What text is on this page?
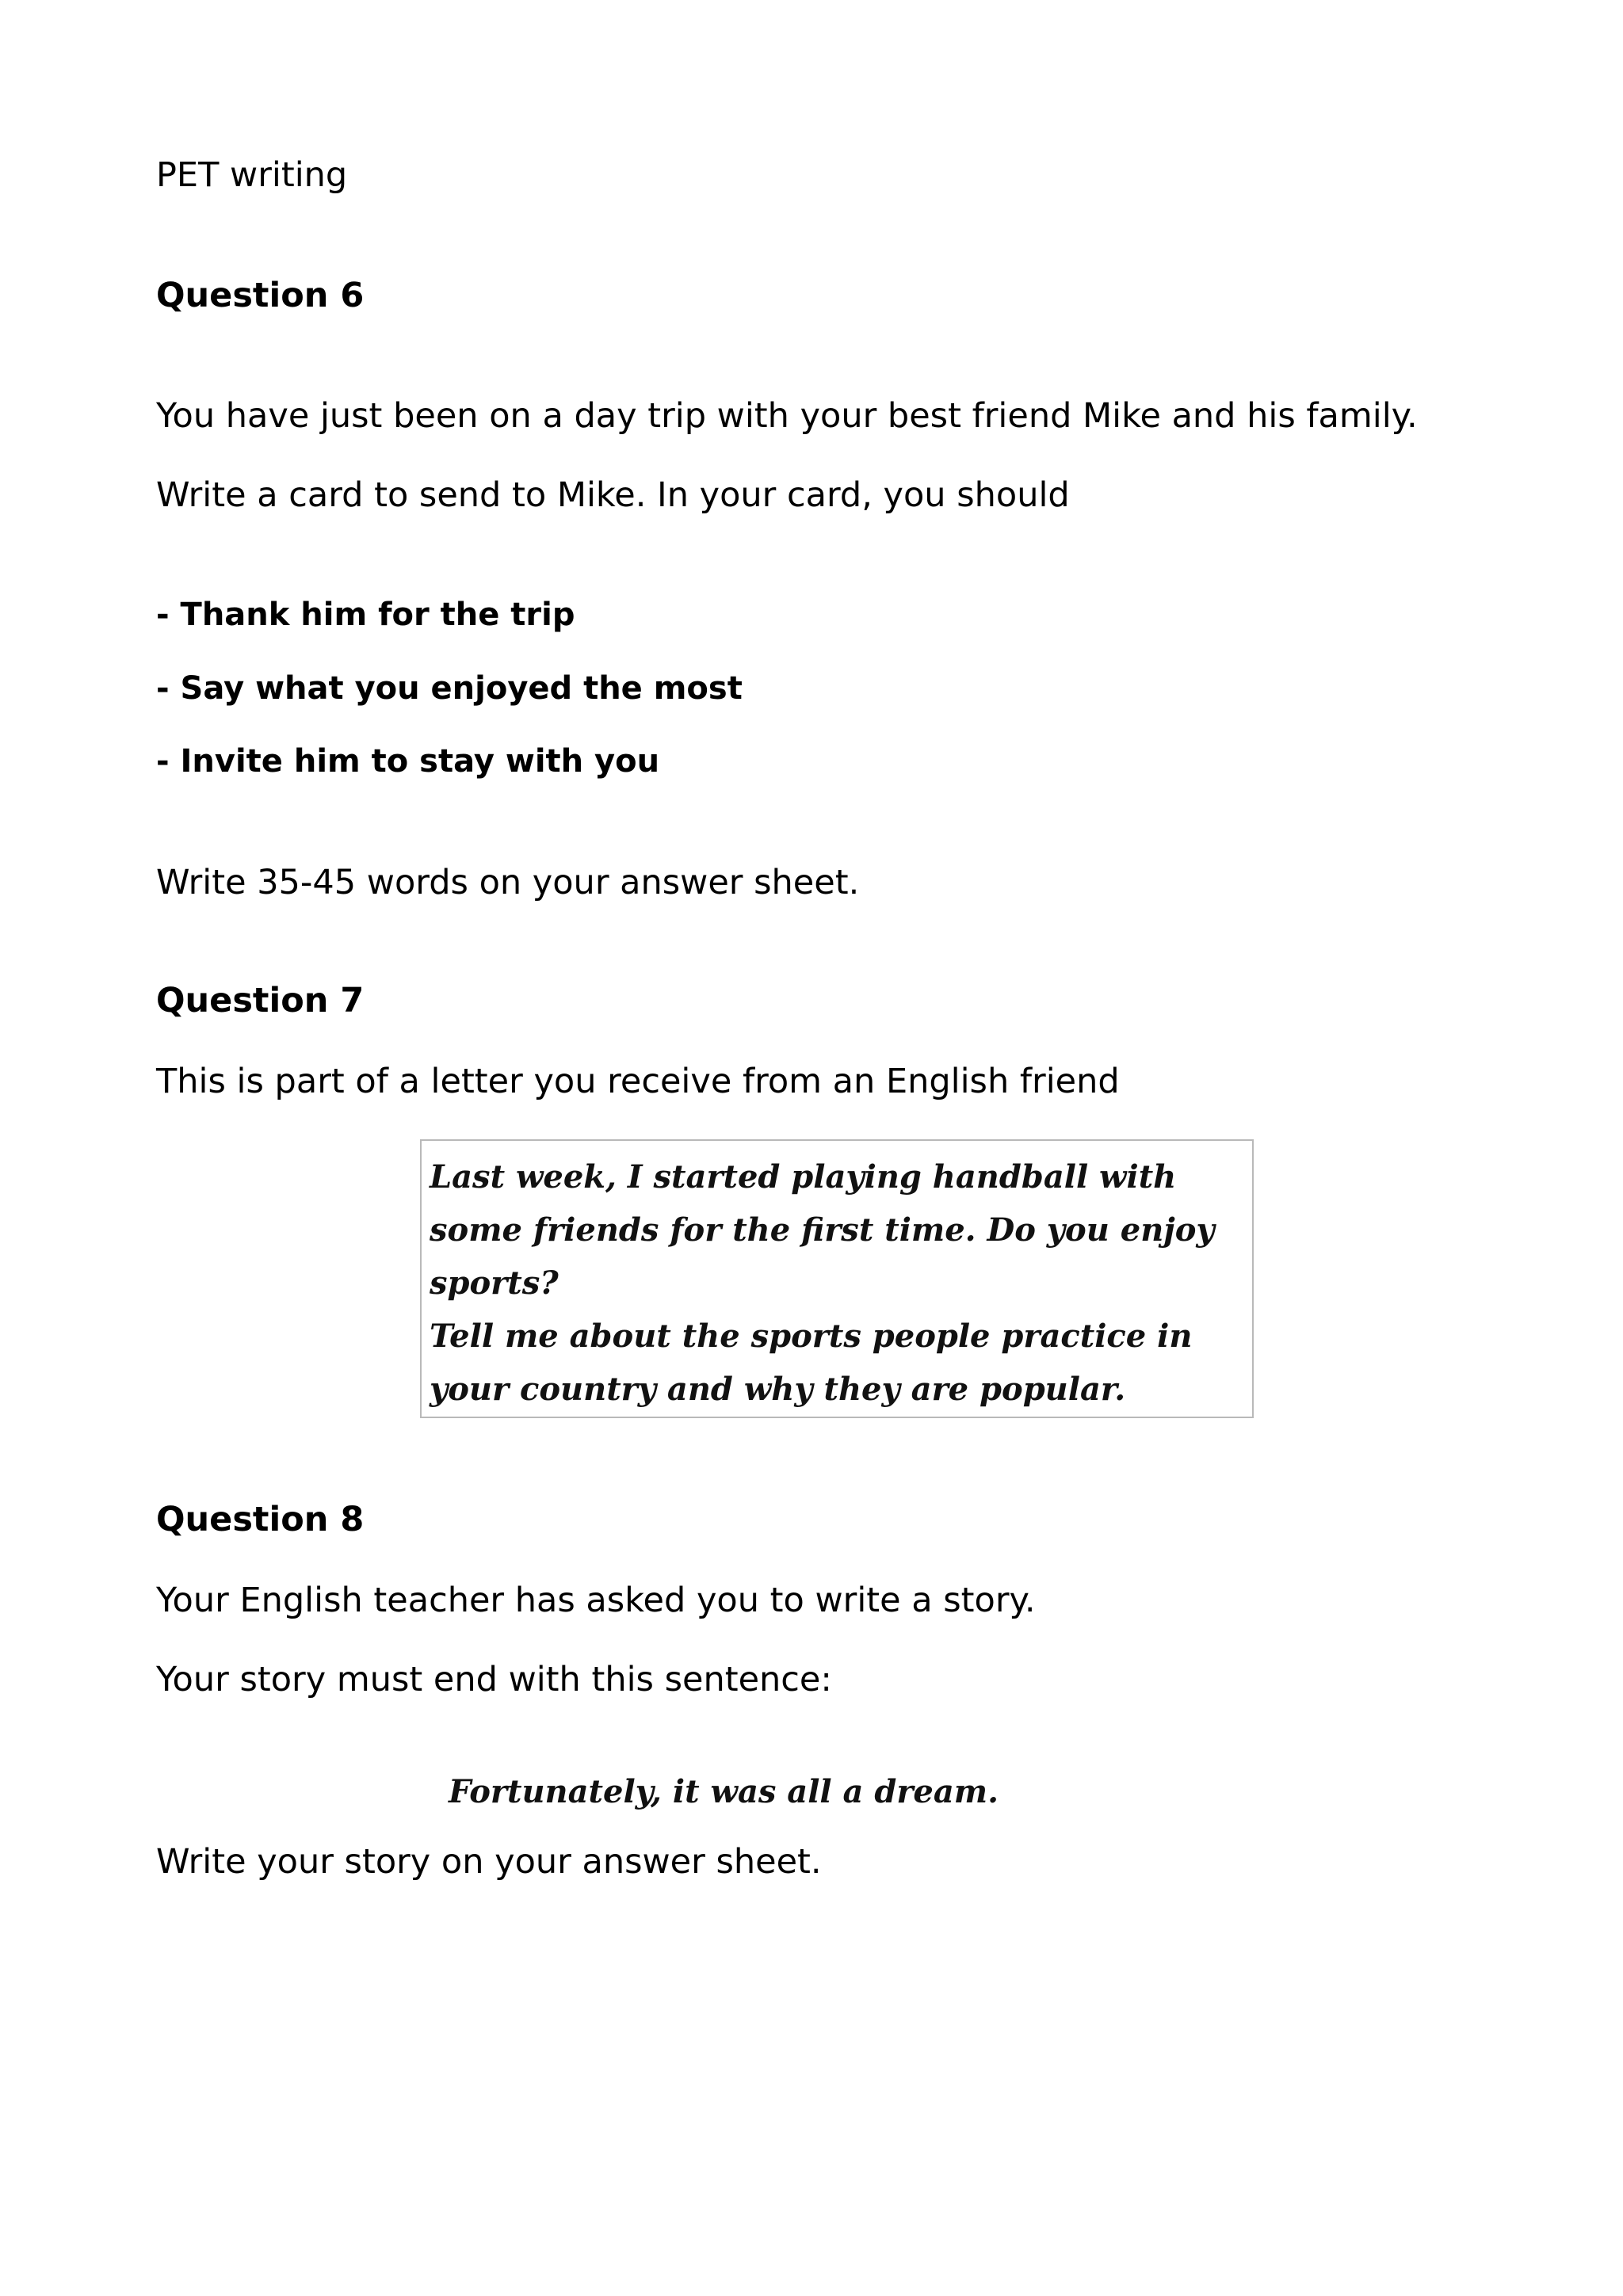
PET writing

Question 6

You have just been on a day trip with your best friend Mike and his family.

Write a card to send to Mike. In your card, you should

- Thank him for the trip

- Say what you enjoyed the most

- Invite him to stay with you

Write 35-45 words on your answer sheet.

Question 7

This is part of a letter you receive from an English friend

Last week, I started playing handball with
some friends for the first time. Do you enjoy
sports?
Tell me about the sports people practice in
your country and why they are popular.
Question 8

Your English teacher has asked you to write a story.

Your story must end with this sentence:

Fortunately, it was all a dream.

Write your story on your answer sheet.
